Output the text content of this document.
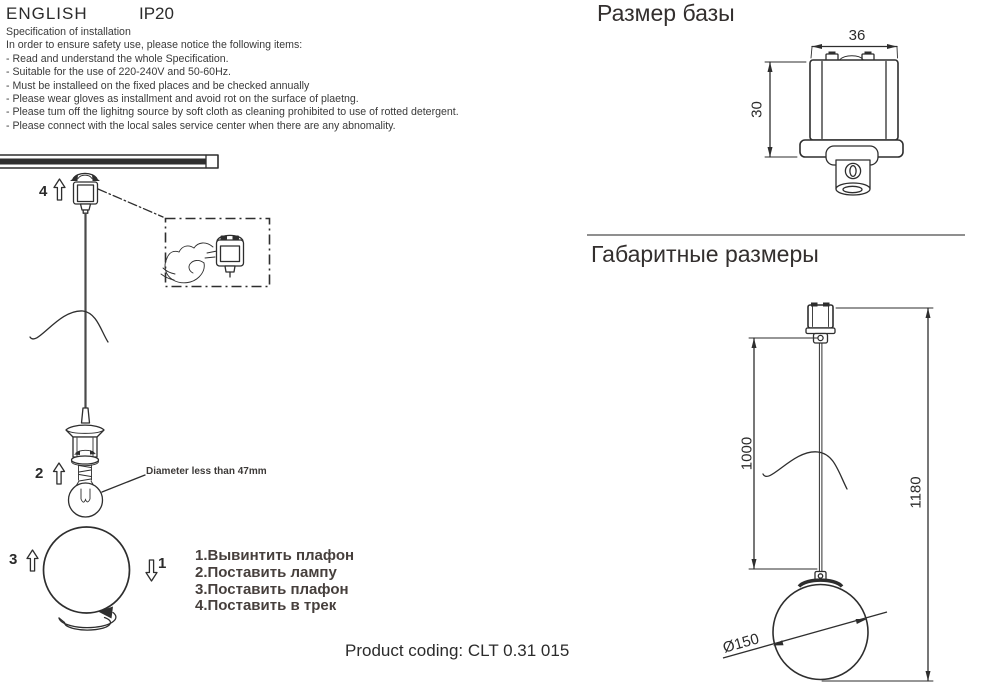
ENGLISH	IP20
Specification of installation
In order to ensure safety use, please notice the following items:
- Read and understand the whole Specification.
- Suitable for the use of 220-240V and 50-60Hz.
- Must be installeed on the fixed places and be checked annually
- Please wear gloves as installment and avoid rot on the surface of plaetng.
- Please tum off the lighitng source by soft cloth as cleaning prohibited to use of rotted detergent.
- Please connect with the local sales service center when there are any abnomality.
4
2
3	1
Diameter less than 47mm
1.Вывинтить плафон
2.Поставить лампу
3.Поставить плафон
4.Поставить в трек
Размер базы
Габаритные размеры
36
30
1000
1180
Ø150
Product coding: CLT 0.31 015
